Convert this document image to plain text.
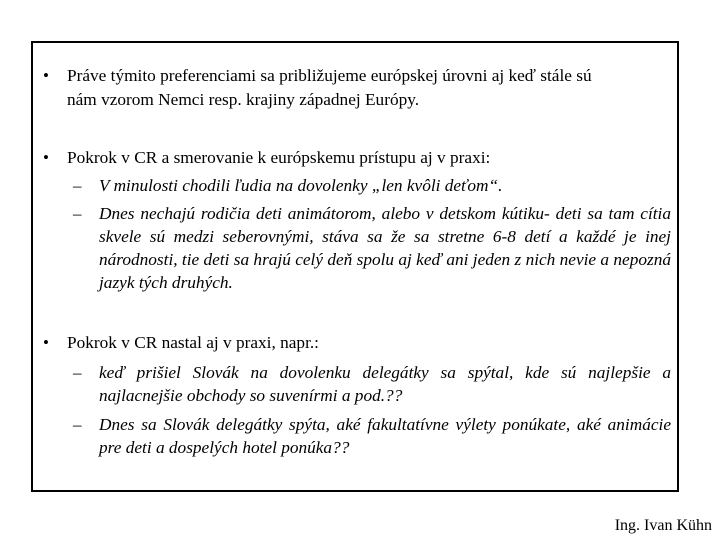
• Práve týmito preferenciami sa približujeme európskej úrovni aj keď stále sú
nám vzorom Nemci resp. krajiny západnej Európy.
• Pokrok v CR a smerovanie k európskemu prístupu aj v praxi:
– V minulosti chodili ľudia na dovolenky „len kvôli deťom“.
– Dnes nechajú rodičia deti animátorom, alebo v detskom kútiku- deti sa tam cítia skvele sú medzi seberovnými, stáva sa že sa stretne 6-8 detí a každé je inej národnosti, tie deti sa hrajú celý deň spolu aj keď ani jeden z nich nevie a nepozná jazyk tých druhých.
• Pokrok v CR nastal aj v praxi, napr.:
– keď prišiel Slovák na dovolenku delegátky sa spýtal, kde sú najlepšie a najlacnejšie obchody so suvenírmi a pod.??
– Dnes sa Slovák delegátky spýta, aké fakultatívne výlety ponúkate, aké animácie pre deti a dospelých hotel ponúka??
Ing. Ivan Kühn
